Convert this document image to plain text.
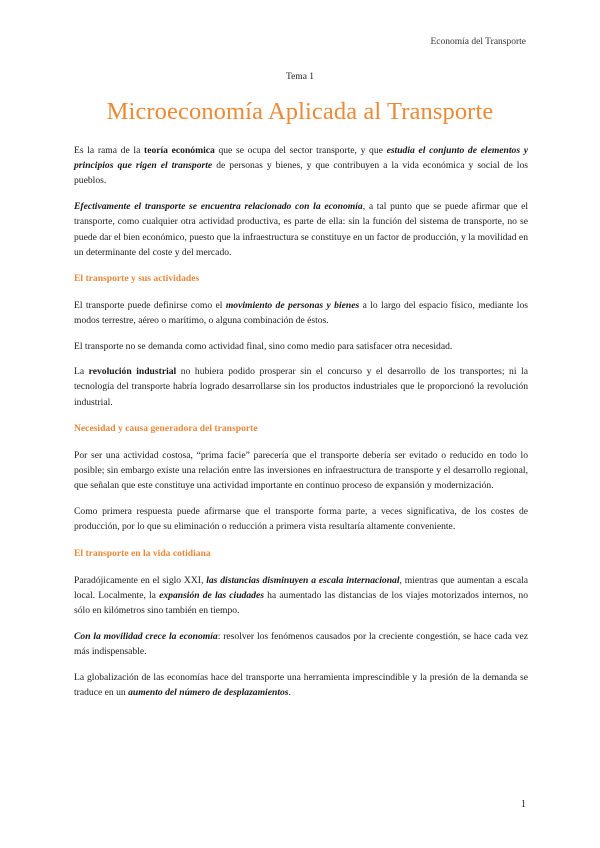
Economía del Transporte
Tema 1
Microeconomía Aplicada al Transporte

Es la rama de la teoría económica que se ocupa del sector transporte, y que estudia el conjunto de elementos y principios que rigen el transporte de personas y bienes, y que contribuyen a la vida económica y social de los pueblos.

Efectivamente el transporte se encuentra relacionado con la economía, a tal punto que se puede afirmar que el transporte, como cualquier otra actividad productiva, es parte de ella: sin la función del sistema de transporte, no se puede dar el bien económico, puesto que la infraestructura se constituye en un factor de producción, y la movilidad en un determinante del coste y del mercado.

El transporte y sus actividades

El transporte puede definirse como el movimiento de personas y bienes a lo largo del espacio físico, mediante los modos terrestre, aéreo o marítimo, o alguna combinación de éstos.

El transporte no se demanda como actividad final, sino como medio para satisfacer otra necesidad.

La revolución industrial no hubiera podido prosperar sin el concurso y el desarrollo de los transportes; ni la tecnología del transporte habría logrado desarrollarse sin los productos industriales que le proporcionó la revolución industrial.

Necesidad y causa generadora del transporte

Por ser una actividad costosa, “prima facie” parecería que el transporte debería ser evitado o reducido en todo lo posible; sin embargo existe una relación entre las inversiones en infraestructura de transporte y el desarrollo regional, que señalan que este constituye una actividad importante en continuo proceso de expansión y modernización.

Como primera respuesta puede afirmarse que el transporte forma parte, a veces significativa, de los costes de producción, por lo que su eliminación o reducción a primera vista resultaría altamente conveniente.

El transporte en la vida cotidiana

Paradójicamente en el siglo XXI, las distancias disminuyen a escala internacional, mientras que aumentan a escala local. Localmente, la expansión de las ciudades ha aumentado las distancias de los viajes motorizados internos, no sólo en kilómetros sino también en tiempo.

Con la movilidad crece la economía: resolver los fenómenos causados por la creciente congestión, se hace cada vez más indispensable.

La globalización de las economías hace del transporte una herramienta imprescindible y la presión de la demanda se traduce en un aumento del número de desplazamientos.

1
